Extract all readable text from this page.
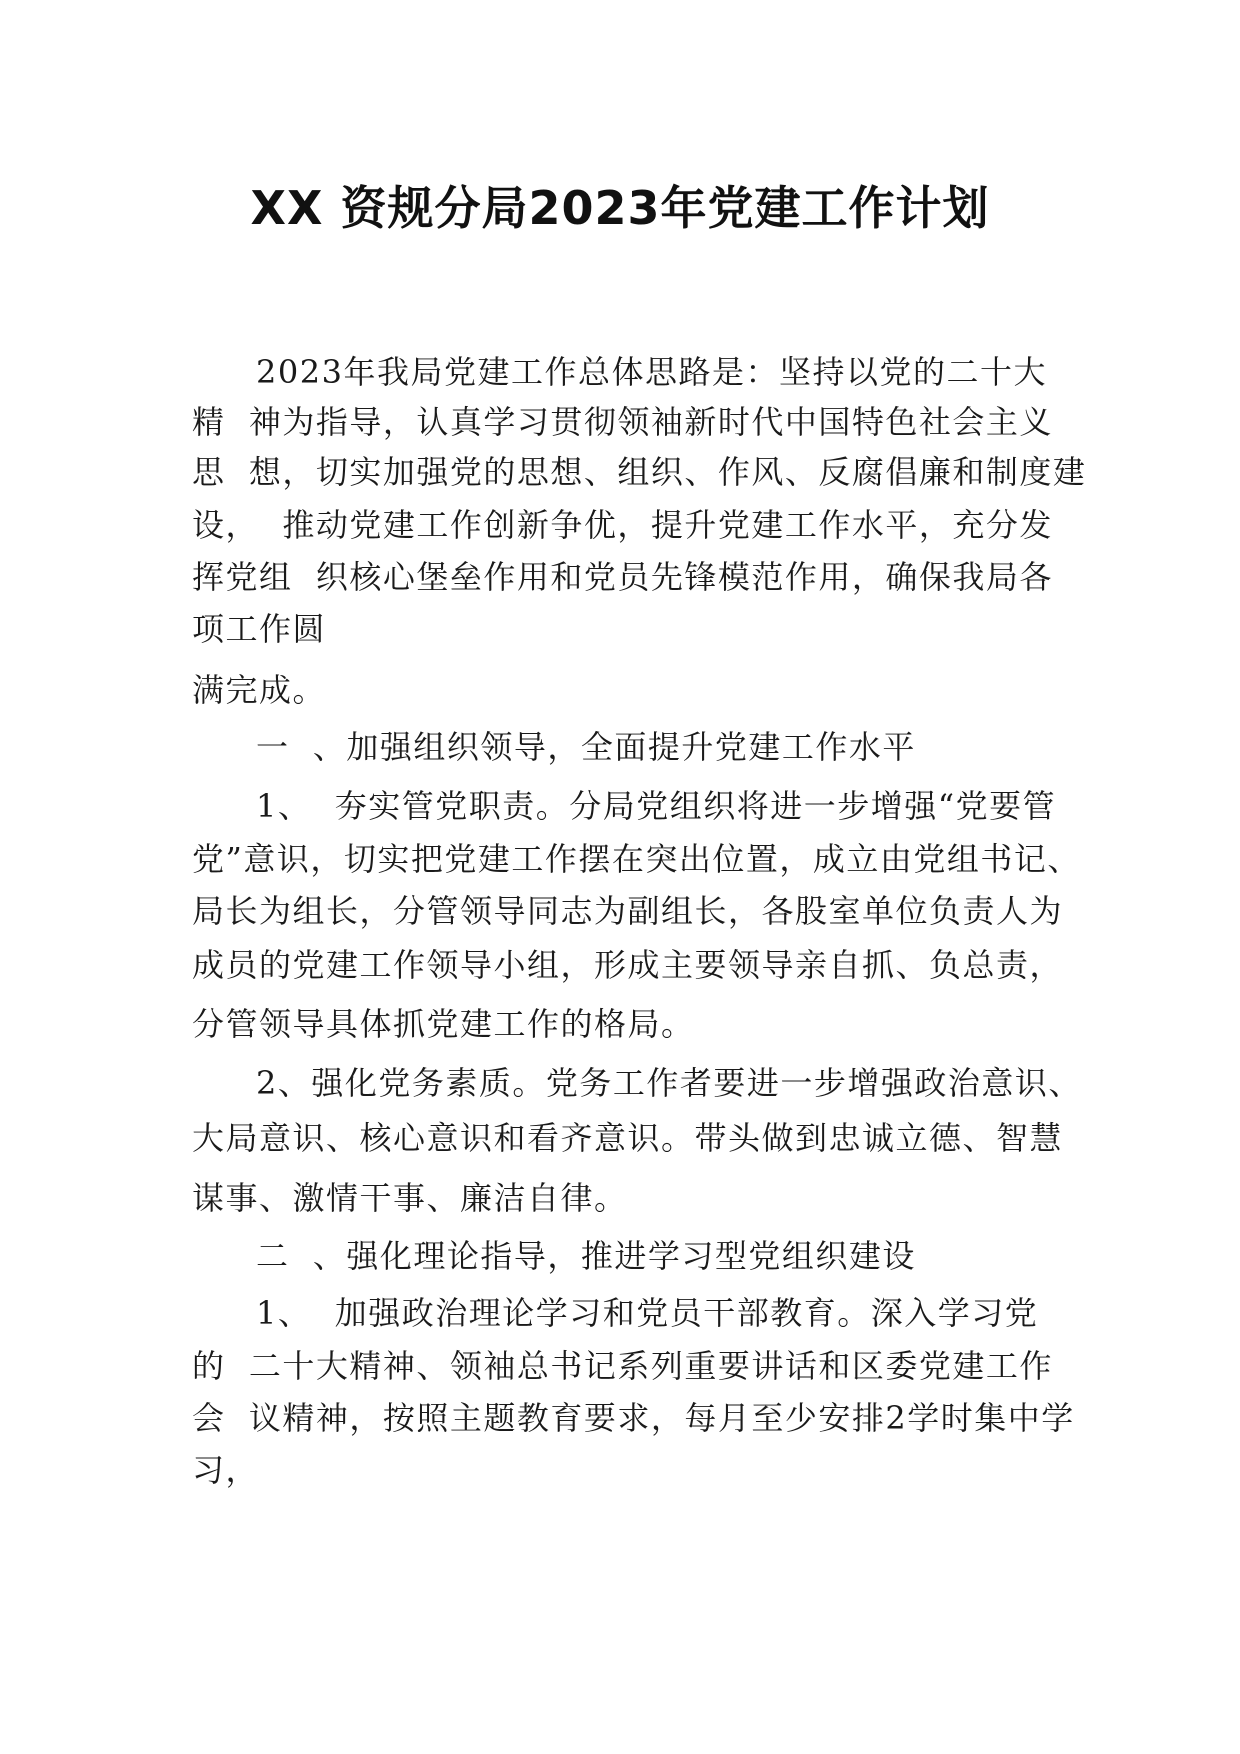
XX 资规分局2023年党建工作计划

2023年我局党建工作总体思路是：坚持以党的二十大

精  神为指导，认真学习贯彻领袖新时代中国特色社会主义

思  想，切实加强党的思想、组织、作风、反腐倡廉和制度建

设，  推动党建工作创新争优，提升党建工作水平，充分发

挥党组  织核心堡垒作用和党员先锋模范作用，确保我局各

项工作圆

满完成。

一  、加强组织领导，全面提升党建工作水平

1、  夯实管党职责。分局党组织将进一步增强“党要管

党”意识，切实把党建工作摆在突出位置，成立由党组书记、

局长为组长，分管领导同志为副组长，各股室单位负责人为

成员的党建工作领导小组，形成主要领导亲自抓、负总责，

分管领导具体抓党建工作的格局。

2、强化党务素质。党务工作者要进一步增强政治意识、

大局意识、核心意识和看齐意识。带头做到忠诚立德、智慧

谋事、激情干事、廉洁自律。

二  、强化理论指导，推进学习型党组织建设

1、  加强政治理论学习和党员干部教育。深入学习党

的  二十大精神、领袖总书记系列重要讲话和区委党建工作

会  议精神，按照主题教育要求，每月至少安排2学时集中学

习，
